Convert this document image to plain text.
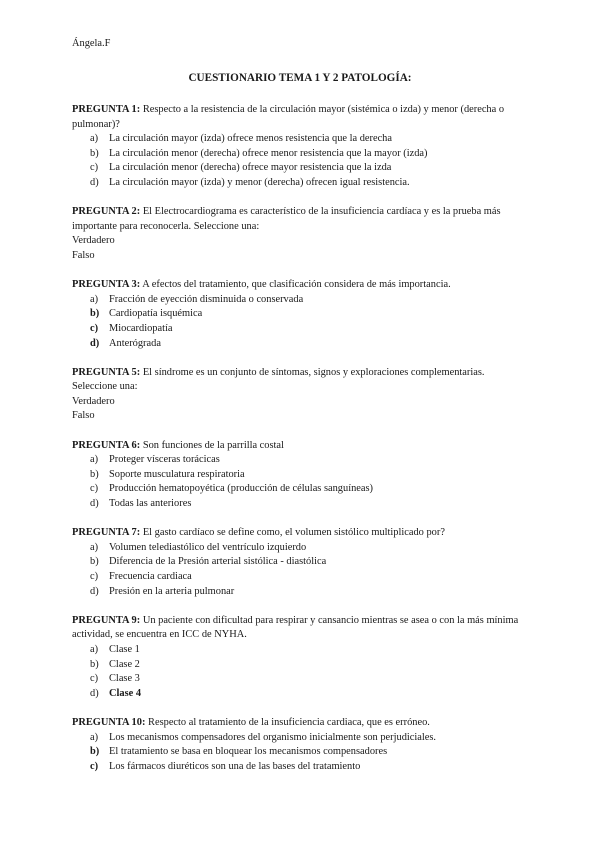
Ángela.F
CUESTIONARIO TEMA 1 Y 2 PATOLOGÍA:

PREGUNTA 1: Respecto a la resistencia de la circulación mayor (sistémica o izda) y menor (derecha o pulmonar)?

a) La circulación mayor (izda) ofrece menos resistencia que la derecha
b) La circulación menor (derecha) ofrece menor resistencia que la mayor (izda)
c) La circulación menor (derecha) ofrece mayor resistencia que la izda
d) La circulación mayor (izda) y menor (derecha) ofrecen igual resistencia.

PREGUNTA 2: El Electrocardiograma es característico de la insuficiencia cardíaca y es la prueba más importante para reconocerla. Seleccione una:

Verdadero

Falso

PREGUNTA 3: A efectos del tratamiento, que clasificación considera de más importancia.

a) Fracción de eyección disminuida o conservada
b) Cardiopatía isquémica
c) Miocardiopatía
d) Anterógrada

PREGUNTA 5: El síndrome es un conjunto de síntomas, signos y exploraciones complementarias. Seleccione una:

Verdadero

Falso

PREGUNTA 6: Son funciones de la parrilla costal

a) Proteger vísceras torácicas
b) Soporte musculatura respiratoria
c) Producción hematopoyética (producción de células sanguíneas)
d) Todas las anteriores

PREGUNTA 7: El gasto cardíaco se define como, el volumen sistólico multiplicado por?

a) Volumen telediastólico del ventrículo izquierdo
b) Diferencia de la Presión arterial sistólica - diastólica
c) Frecuencia cardiaca
d) Presión en la arteria pulmonar

PREGUNTA 9: Un paciente con dificultad para respirar y cansancio mientras se asea o con la más mínima actividad, se encuentra en ICC de NYHA.

a) Clase 1
b) Clase 2
c) Clase 3
d) Clase 4

PREGUNTA 10: Respecto al tratamiento de la insuficiencia cardiaca, que es erróneo.

a) Los mecanismos compensadores del organismo inicialmente son perjudiciales.
b) El tratamiento se basa en bloquear los mecanismos compensadores
c) Los fármacos diuréticos son una de las bases del tratamiento
